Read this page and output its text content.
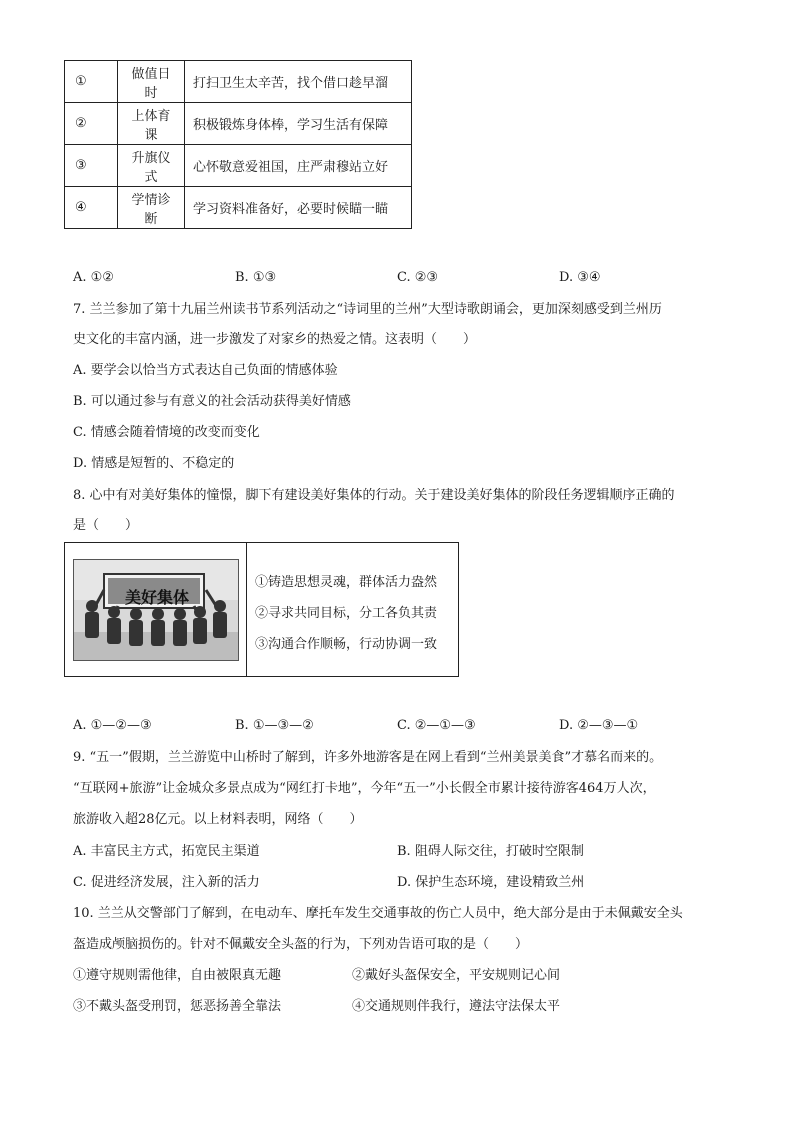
①	做值日时	打扫卫生太辛苦，找个借口趁早溜
②	上体育课	积极锻炼身体棒，学习生活有保障
③	升旗仪式	心怀敬意爱祖国，庄严肃穆站立好
④	学情诊断	学习资料准备好，必要时候瞄一瞄
A. ①②	B. ①③	C. ②③	D. ③④
7. 兰兰参加了第十九届兰州读书节系列活动之“诗词里的兰州”大型诗歌朗诵会，更加深刻感受到兰州历
史文化的丰富内涵，进一步激发了对家乡的热爱之情。这表明（　　）
A. 要学会以恰当方式表达自己负面的情感体验
B. 可以通过参与有意义的社会活动获得美好情感
C. 情感会随着情境的改变而变化
D. 情感是短暂的、不稳定的
8. 心中有对美好集体的憧憬，脚下有建设美好集体的行动。关于建设美好集体的阶段任务逻辑顺序正确的
是（　　）
美好集体
①铸造思想灵魂，群体活力盎然
②寻求共同目标，分工各负其责
③沟通合作顺畅，行动协调一致
A. ①—②—③	B. ①—③—②	C. ②—①—③	D. ②—③—①
9. “五一”假期，兰兰游览中山桥时了解到，许多外地游客是在网上看到“兰州美景美食”才慕名而来的。
“互联网+旅游”让金城众多景点成为“网红打卡地”，今年“五一”小长假全市累计接待游客464万人次，
旅游收入超28亿元。以上材料表明，网络（　　）
A. 丰富民主方式，拓宽民主渠道	B. 阻碍人际交往，打破时空限制
C. 促进经济发展，注入新的活力	D. 保护生态环境，建设精致兰州
10. 兰兰从交警部门了解到，在电动车、摩托车发生交通事故的伤亡人员中，绝大部分是由于未佩戴安全头
盔造成颅脑损伤的。针对不佩戴安全头盔的行为，下列劝告语可取的是（　　）
①遵守规则需他律，自由被限真无趣	②戴好头盔保安全，平安规则记心间
③不戴头盔受刑罚，惩恶扬善全靠法	④交通规则伴我行，遵法守法保太平
